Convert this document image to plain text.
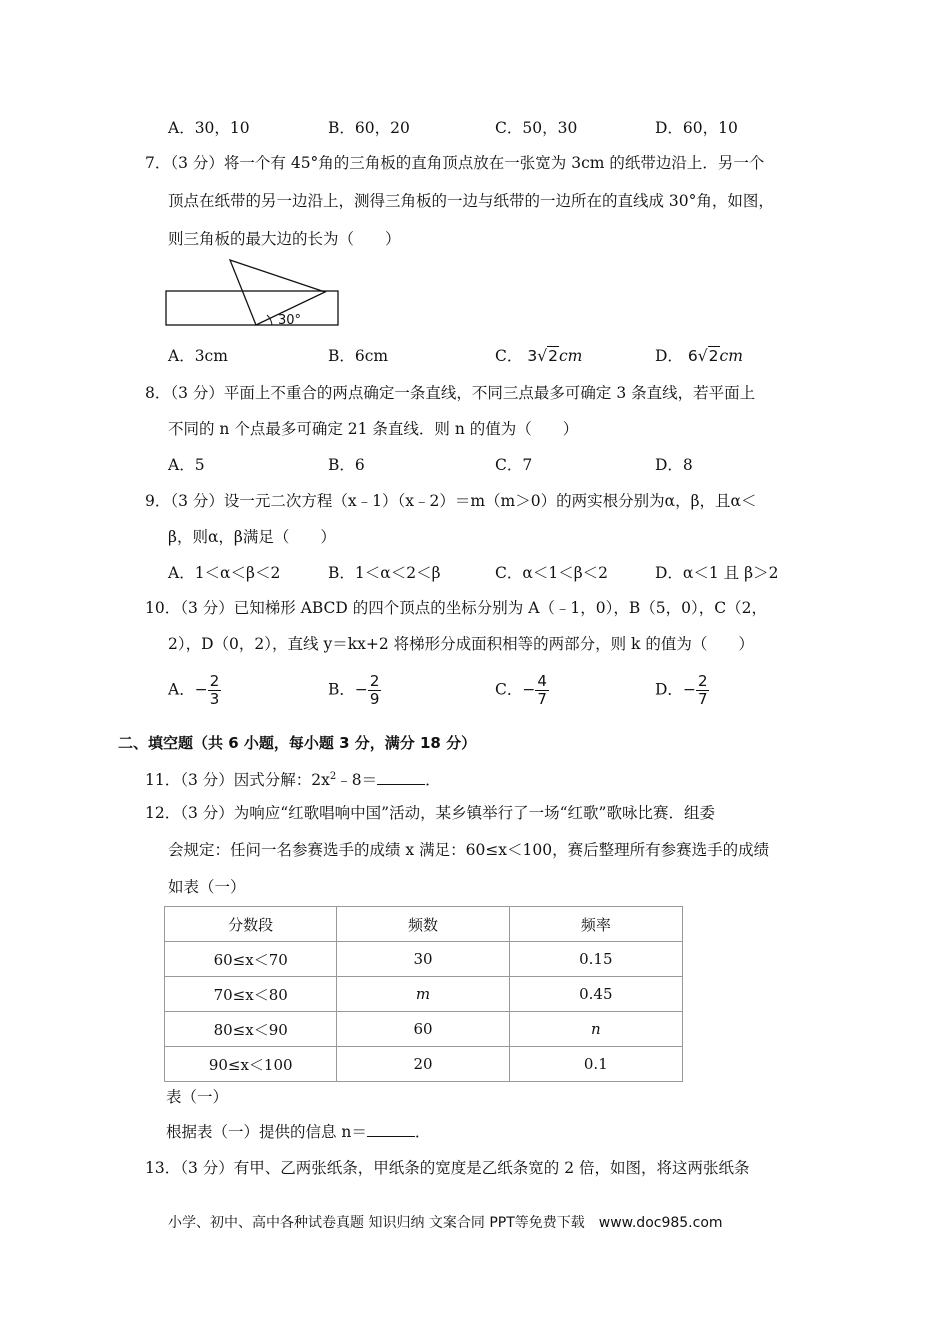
A．30，10	B．60，20	C．50，30	D．60，10
7．（3 分）将一个有 45°角的三角板的直角顶点放在一张宽为 3cm 的纸带边沿上．另一个
顶点在纸带的另一边沿上，测得三角板的一边与纸带的一边所在的直线成 30°角，如图，
则三角板的最大边的长为（　　）
30°
A．3cm	B．6cm	C． 3√2cm	D． 6√2cm
8．（3 分）平面上不重合的两点确定一条直线，不同三点最多可确定 3 条直线，若平面上
不同的 n 个点最多可确定 21 条直线．则 n 的值为（　　）
A．5	B．6	C．7	D．8
9．（3 分）设一元二次方程（x﹣1）（x﹣2）＝m（m＞0）的两实根分别为α，β，且α＜
β，则α，β满足（　　）
A．1＜α＜β＜2	B．1＜α＜2＜β	C．α＜1＜β＜2	D．α＜1 且 β＞2
10．（3 分）已知梯形 ABCD 的四个顶点的坐标分别为 A（﹣1，0），B（5，0），C（2，
2），D（0，2），直线 y＝kx+2 将梯形分成面积相等的两部分，则 k 的值为（　　）
A．− $\frac{2}{3}$	B．− $\frac{2}{9}$	C．− $\frac{4}{7}$	D．− $\frac{2}{7}$
二、填空题（共 6 小题，每小题 3 分，满分 18 分）
11．（3 分）因式分解：$2x^2﹣8=$	．
12．（3 分）为响应“红歌唱响中国”活动，某乡镇举行了一场“红歌”歌咏比赛．组委
会规定：任问一名参赛选手的成绩 x 满足：60≤x＜100，赛后整理所有参赛选手的成绩
如表（一）
分数段	频数	频率
60≤x＜70	30	0.15
70≤x＜80	m	0.45
80≤x＜90	60	n
90≤x＜100	20	0.1
表（一）
根据表（一）提供的信息 n＝	．
13．（3 分）有甲、乙两张纸条，甲纸条的宽度是乙纸条宽的 2 倍，如图，将这两张纸条
小学、初中、高中各种试卷真题 知识归纳 文案合同 PPT等免费下载　www.doc985.com
